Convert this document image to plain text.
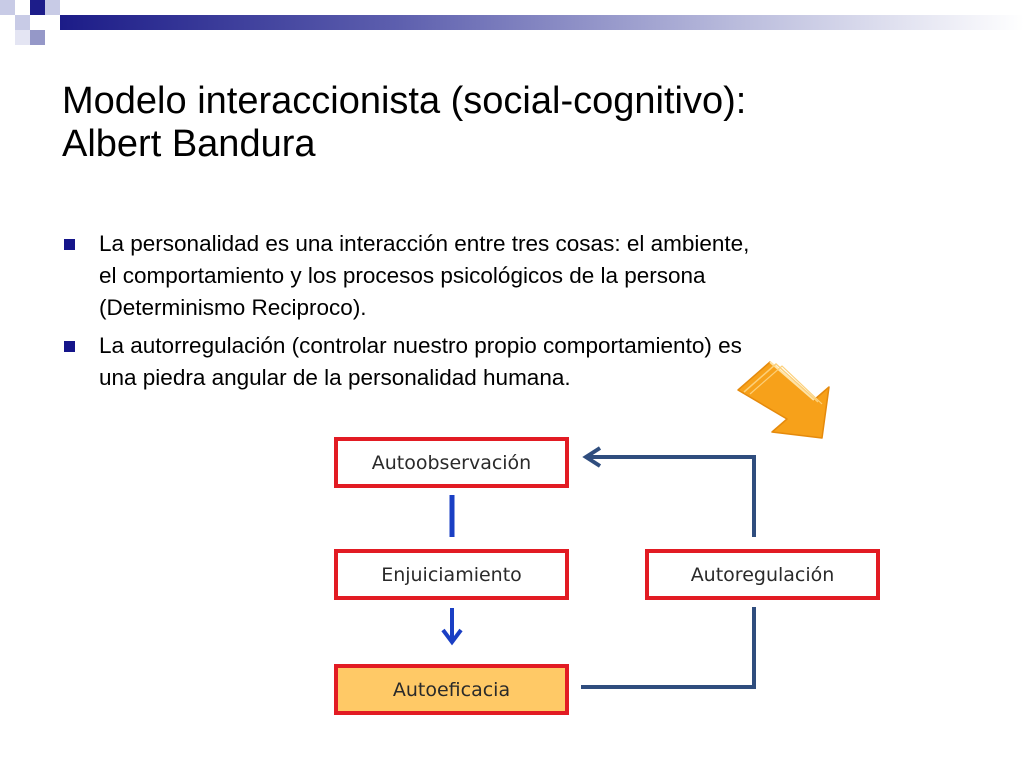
Modelo interaccionista (social-cognitivo):
Albert Bandura
La personalidad es una interacción entre tres cosas: el ambiente,
el comportamiento y los procesos psicológicos de la persona
(Determinismo Reciproco).
La autorregulación (controlar nuestro propio comportamiento) es
una piedra angular de la personalidad humana.
Autoobservación
Enjuiciamiento
Autoeficacia
Autoregulación
